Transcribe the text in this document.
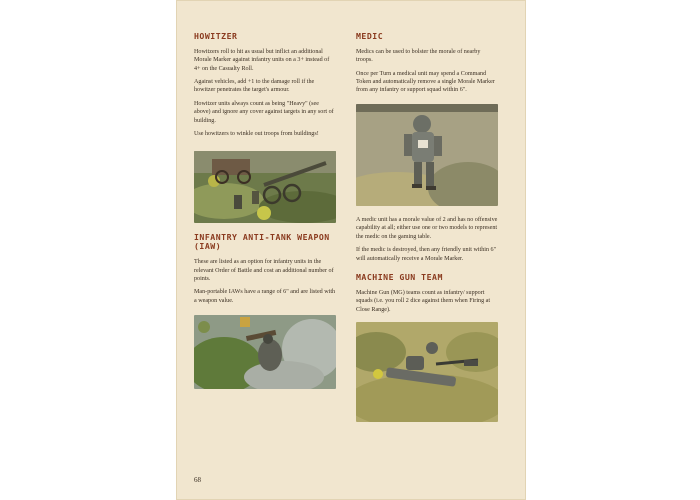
HOWITZER

Howitzers roll to hit as usual but inflict an additional Morale Marker against infantry units on a 3+ instead of 4+ on the Casualty Roll.

Against vehicles, add +1 to the damage roll if the howitzer penetrates the target's armour.

Howitzer units always count as being "Heavy" (see above) and ignore any cover against targets in any sort of building.

Use howitzers to winkle out troops from buildings!

INFANTRY ANTI-TANK WEAPON (IAW)

These are listed as an option for infantry units in the relevant Order of Battle and cost an additional number of points.

Man-portable IAWs have a range of 6" and are listed with a weapon value.

MEDIC

Medics can be used to bolster the morale of nearby troops.

Once per Turn a medical unit may spend a Command Token and automatically remove a single Morale Marker from any infantry or support squad within 6".

A medic unit has a morale value of 2 and has no offensive capability at all; either use one or two models to represent the medic on the gaming table.

If the medic is destroyed, then any friendly unit within 6" will automatically receive a Morale Marker.

MACHINE GUN TEAM

Machine Gun (MG) teams count as infantry/ support squads (i.e. you roll 2 dice against them when Firing at Close Range).

68
